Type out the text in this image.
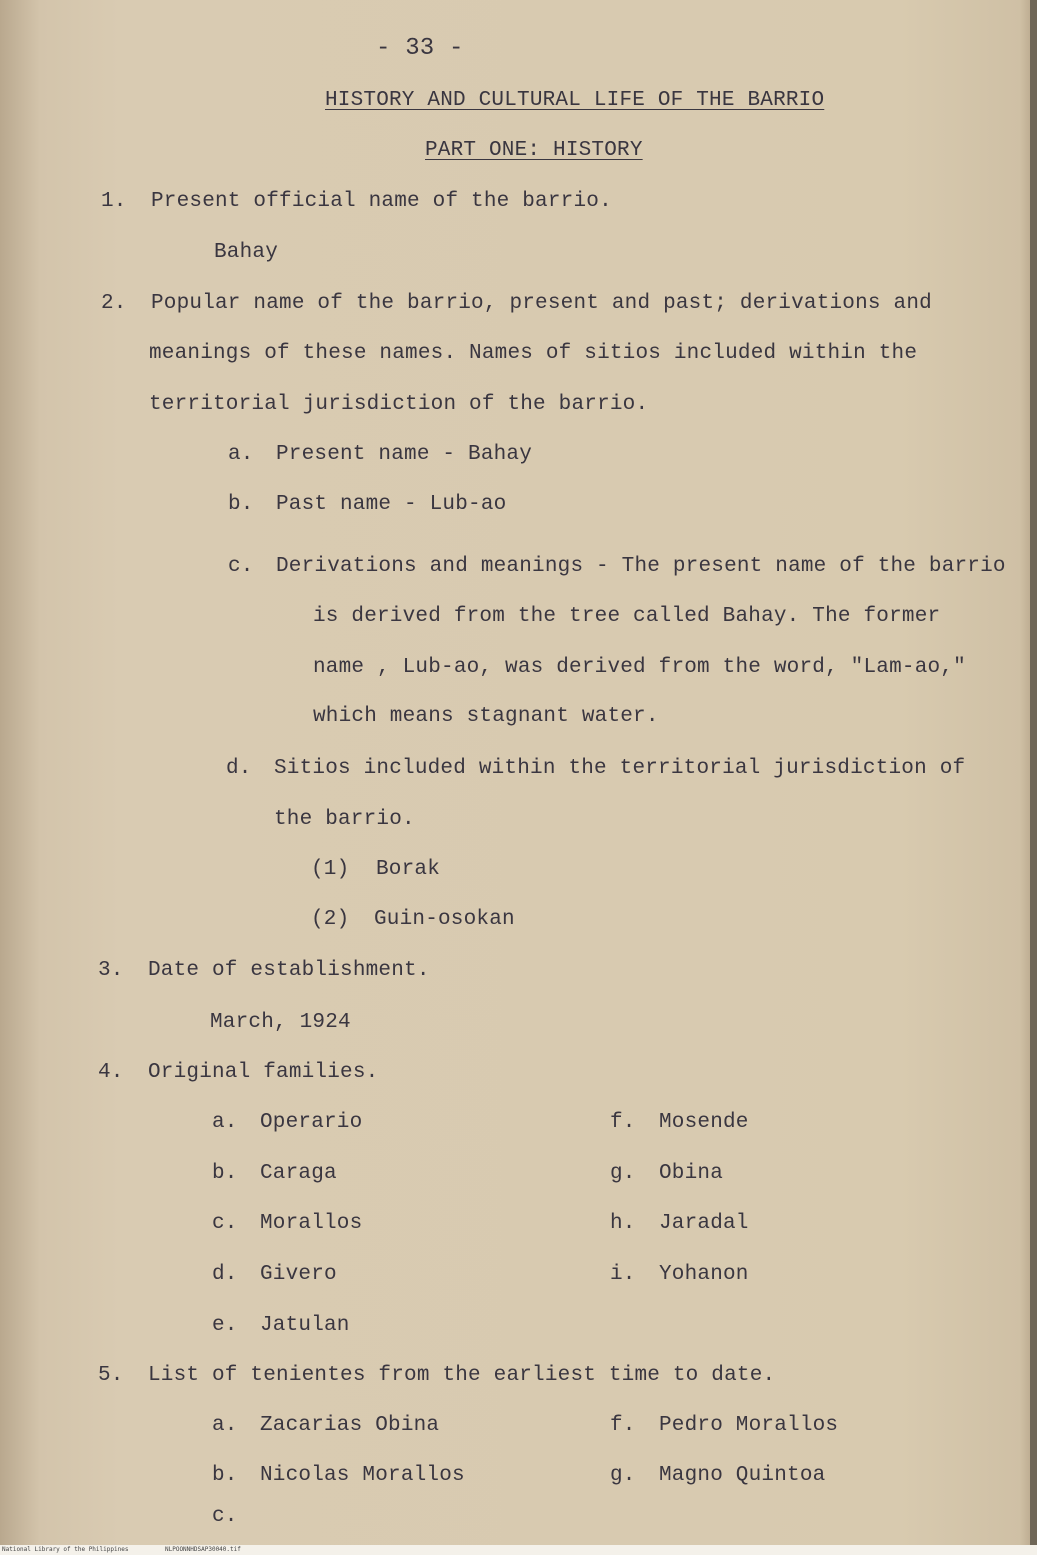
- 33 -
HISTORY AND CULTURAL LIFE OF THE BARRIO
PART ONE: HISTORY
1. Present official name of the barrio.
Bahay
2. Popular name of the barrio, present and past; derivations and
meanings of these names. Names of sitios included within the
territorial jurisdiction of the barrio.
a. Present name - Bahay
b. Past name - Lub-ao
c. Derivations and meanings - The present name of the barrio
is derived from the tree called Bahay. The former
name , Lub-ao, was derived from the word, "Lam-ao,"
which means stagnant water.
d. Sitios included within the territorial jurisdiction of
the barrio.
(1) Borak
(2) Guin-osokan
3. Date of establishment.
March, 1924
4. Original families.
a. Operario
b. Caraga
c. Morallos
d. Givero
e. Jatulan
f. Mosende
g. Obina
h. Jaradal
i. Yohanon
5. List of tenientes from the earliest time to date.
a. Zacarias Obina
b. Nicolas Morallos
c.
f. Pedro Morallos
g. Magno Quintoa
National Library of the Philippines	NLPOONNHDSAP30040.tif
